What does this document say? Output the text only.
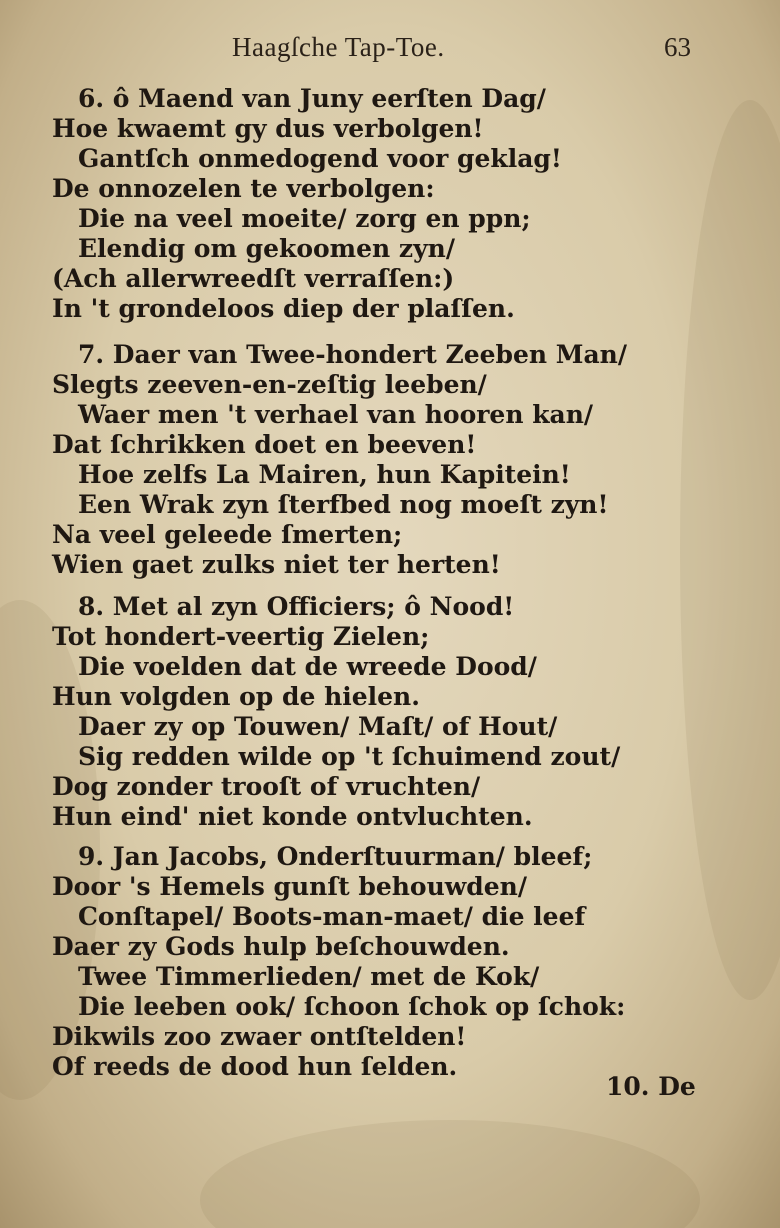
Haagſche Tap-Toe.	63
6. ô Maend van Juny eerſten Dag/
Hoe kwaemt gy dus verbolgen!
Gantſch onmedogend voor geklag!
De onnozelen te verbolgen:
Die na veel moeite/ zorg en ppn;
Elendig om gekoomen zyn/
(Ach allerwreedſt verraſſen:)
In 't grondeloos diep der plaſſen.
7. Daer van Twee-hondert Zeeben Man/
Slegts zeeven-en-zeſtig leeben/
Waer men 't verhael van hooren kan/
Dat ſchrikken doet en beeven!
Hoe zelfs La Mairen, hun Kapitein!
Een Wrak zyn ſterfbed nog moeſt zyn!
Na veel geleede ſmerten;
Wien gaet zulks niet ter herten!
8. Met al zyn Officiers; ô Nood!
Tot hondert-veertig Zielen;
Die voelden dat de wreede Dood/
Hun volgden op de hielen.
Daer zy op Touwen/ Maſt/ of Hout/
Sig redden wilde op 't ſchuimend zout/
Dog zonder trooſt of vruchten/
Hun eind' niet konde ontvluchten.
9. Jan Jacobs, Onderſtuurman/ bleef;
Door 's Hemels gunſt behouwden/
Conſtapel/ Boots-man-maet/ die leef
Daer zy Gods hulp beſchouwden.
Twee Timmerlieden/ met de Kok/
Die leeben ook/ ſchoon ſchok op ſchok:
Dikwils zoo zwaer ontſtelden!
Of reeds de dood hun ſelden.
10. De
